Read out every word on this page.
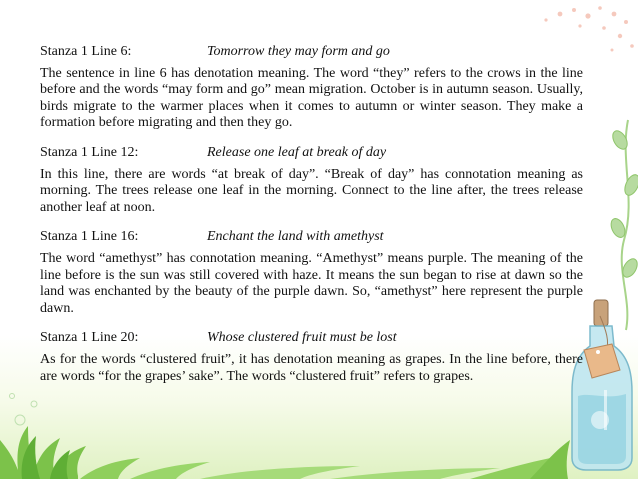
Stanza 1 Line 6:	Tomorrow they may form and go

The sentence in line 6 has denotation meaning. The word “they” refers to the crows in the line before and the words “may form and go” mean migration. October is in autumn season. Usually, birds migrate to the warmer places when it comes to autumn or winter season. They make a formation before migrating and then they go.

Stanza 1 Line 12:	Release one leaf at break of day

In this line, there are words “at break of day”. “Break of day” has connotation meaning as morning. The trees release one leaf in the morning. Connect to the line after, the trees release another leaf at noon.

Stanza 1 Line 16:	Enchant the land with amethyst

The word “amethyst” has connotation meaning. “Amethyst” means purple. The meaning of the line before is the sun was still covered with haze. It means the sun began to rise at dawn so the land was enchanted by the beauty of the purple dawn. So, “amethyst” here represent the purple dawn.

Stanza 1 Line 20:	Whose clustered fruit must be lost

As for the words “clustered fruit”, it has denotation meaning as grapes. In the line before, there are words “for the grapes’ sake”. The words “clustered fruit” refers to grapes.
